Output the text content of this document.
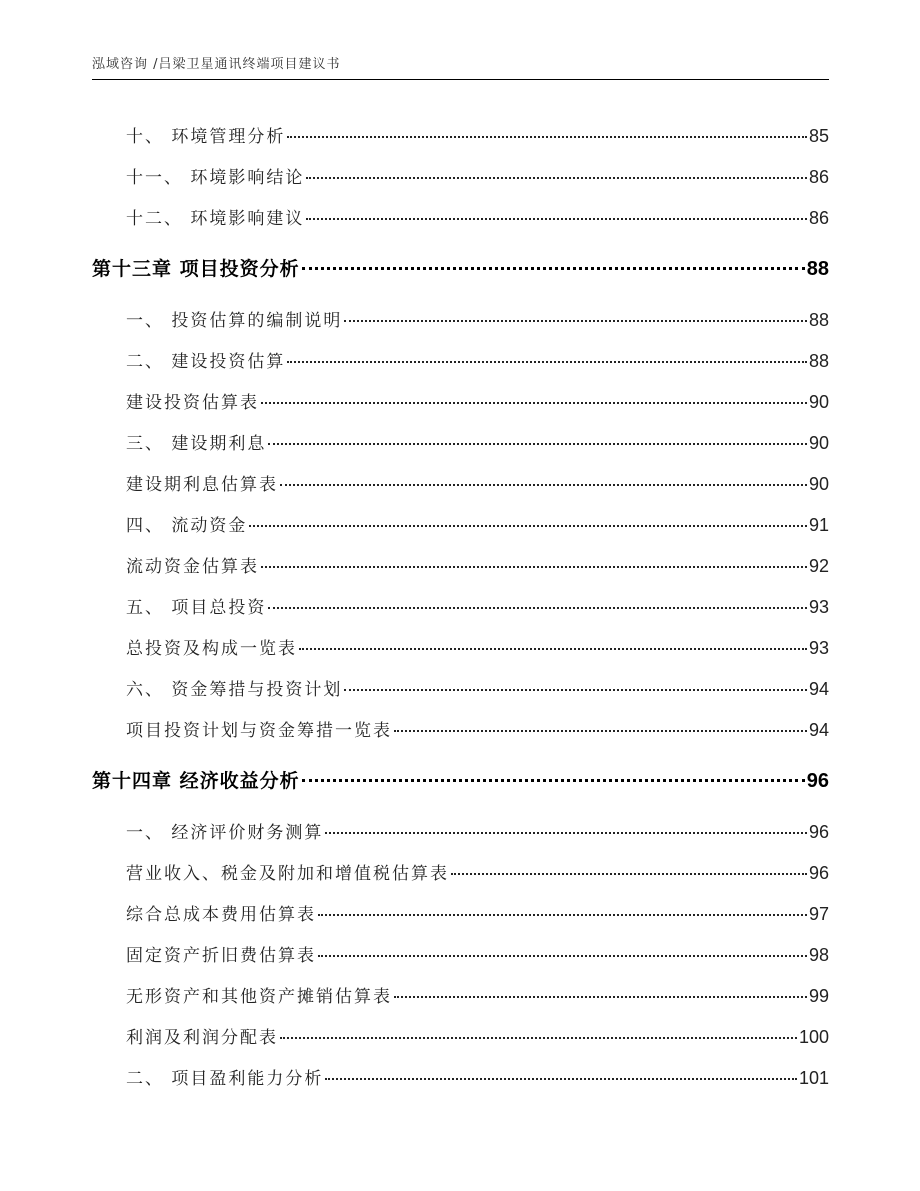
泓域咨询 /吕梁卫星通讯终端项目建议书
十、 环境管理分析	85
十一、 环境影响结论	86
十二、 环境影响建议	86
第十三章 项目投资分析	88
一、 投资估算的编制说明	88
二、 建设投资估算	88
建设投资估算表	90
三、 建设期利息	90
建设期利息估算表	90
四、 流动资金	91
流动资金估算表	92
五、 项目总投资	93
总投资及构成一览表	93
六、 资金筹措与投资计划	94
项目投资计划与资金筹措一览表	94
第十四章 经济收益分析	96
一、 经济评价财务测算	96
营业收入、税金及附加和增值税估算表	96
综合总成本费用估算表	97
固定资产折旧费估算表	98
无形资产和其他资产摊销估算表	99
利润及利润分配表	100
二、 项目盈利能力分析	101
